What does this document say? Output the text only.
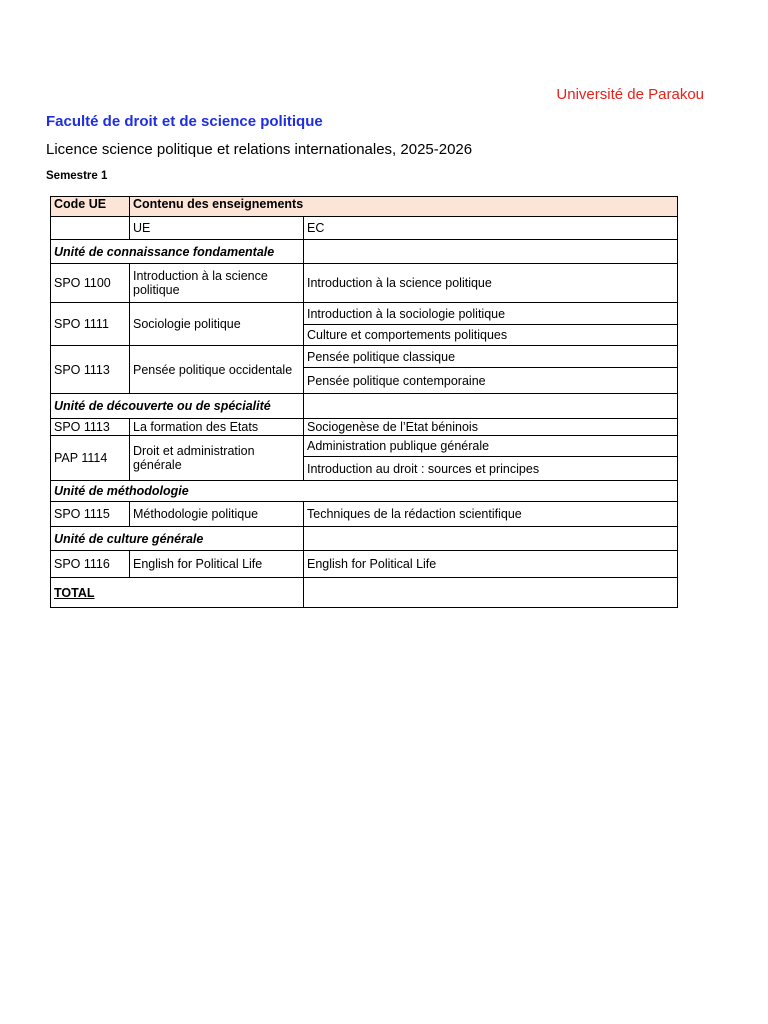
Université de Parakou
Faculté de droit et de science politique
Licence science politique et relations internationales, 2025-2026
Semestre 1
Code UE	Contenu des enseignements	
	UE	EC
Unité de connaissance fondamentale		
SPO 1100	Introduction à la science politique	Introduction à la science politique
SPO 1111	Sociologie politique	Introduction à la sociologie politique
		Culture et comportements politiques
SPO 1113	Pensée politique occidentale	Pensée politique classique
		Pensée politique contemporaine
Unité de découverte ou de spécialité		
SPO 1113	La formation des Etats	Sociogenèse de l’Etat béninois
PAP 1114	Droit et administration générale	Administration publique générale
		Introduction au droit : sources et principes
Unité de méthodologie		
SPO 1115	Méthodologie politique	Techniques de la rédaction scientifique
Unité de culture générale		
SPO 1116	English for Political Life	English for Political Life
TOTAL		
